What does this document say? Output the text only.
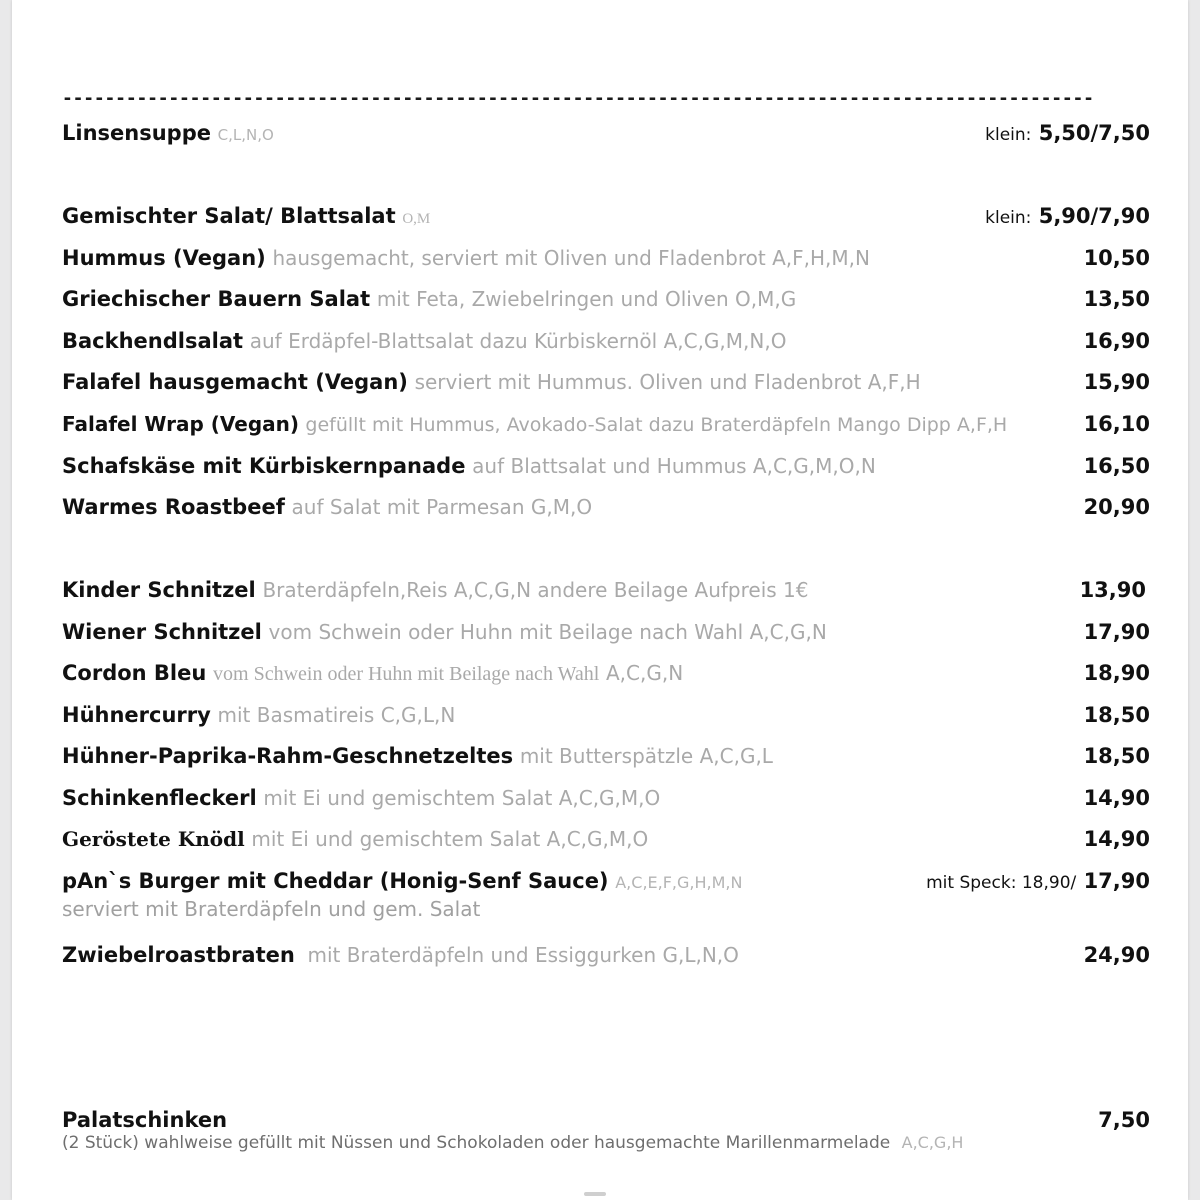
-------------------------------------------------------------------------------------------------
Linsensuppe C,L,N,O	klein: 5,50/7,50
Gemischter Salat/ Blattsalat O,M	klein: 5,90/7,90
Hummus (Vegan) hausgemacht, serviert mit Oliven und Fladenbrot A,F,H,M,N	10,50
Griechischer Bauern Salat mit Feta, Zwiebelringen und Oliven O,M,G	13,50
Backhendlsalat auf Erdäpfel-Blattsalat dazu Kürbiskernöl A,C,G,M,N,O	16,90
Falafel hausgemacht (Vegan) serviert mit Hummus. Oliven und Fladenbrot A,F,H	15,90
Falafel Wrap (Vegan) gefüllt mit Hummus, Avokado-Salat dazu Braterdäpfeln Mango Dipp A,F,H	16,10
Schafskäse mit Kürbiskernpanade auf Blattsalat und Hummus A,C,G,M,O,N	16,50
Warmes Roastbeef auf Salat mit Parmesan G,M,O	20,90
Kinder Schnitzel Braterdäpfeln,Reis A,C,G,N andere Beilage Aufpreis 1€	13,90
Wiener Schnitzel vom Schwein oder Huhn mit Beilage nach Wahl A,C,G,N	17,90
Cordon Bleu vom Schwein oder Huhn mit Beilage nach Wahl A,C,G,N	18,90
Hühnercurry mit Basmatireis C,G,L,N	18,50
Hühner-Paprika-Rahm-Geschnetzeltes mit Butterspätzle A,C,G,L	18,50
Schinkenfleckerl mit Ei und gemischtem Salat A,C,G,M,O	14,90
Geröstete Knödl mit Ei und gemischtem Salat A,C,G,M,O	14,90
pAn`s Burger mit Cheddar (Honig-Senf Sauce) A,C,E,F,G,H,M,N	mit Speck: 18,90/ 17,90
serviert mit Braterdäpfeln und gem. Salat
Zwiebelroastbraten mit Braterdäpfeln und Essiggurken G,L,N,O	24,90
Palatschinken	7,50
(2 Stück) wahlweise gefüllt mit Nüssen und Schokoladen oder hausgemachte Marillenmarmelade A,C,G,H
